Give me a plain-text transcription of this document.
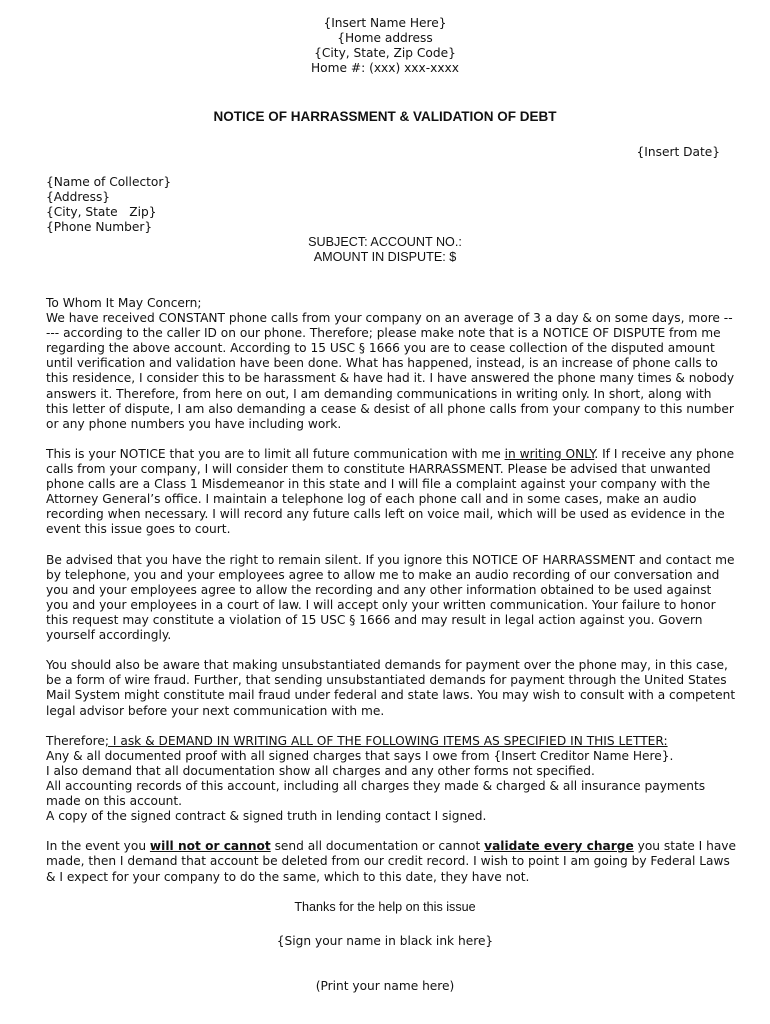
{Insert Name Here}
{Home address
{City, State, Zip Code}
Home #: (xxx) xxx-xxxx
NOTICE OF HARRASSMENT & VALIDATION OF DEBT
{Insert Date}
{Name of Collector}
{Address}
{City, State   Zip}
{Phone Number}
SUBJECT: ACCOUNT NO.:
AMOUNT IN DISPUTE: $

To Whom It May Concern;
We have received CONSTANT phone calls from your company on an average of 3 a day & on some days, more ----- according to the caller ID on our phone. Therefore; please make note that is a NOTICE OF DISPUTE from me regarding the above account. According to 15 USC § 1666 you are to cease collection of the disputed amount until verification and validation have been done. What has happened, instead, is an increase of phone calls to this residence, I consider this to be harassment & have had it. I have answered the phone many times & nobody answers it. Therefore, from here on out, I am demanding communications in writing only. In short, along with this letter of dispute, I am also demanding a cease & desist of all phone calls from your company to this number or any phone numbers you have including work.

This is your NOTICE that you are to limit all future communication with me in writing ONLY. If I receive any phone calls from your company, I will consider them to constitute HARRASSMENT. Please be advised that unwanted phone calls are a Class 1 Misdemeanor in this state and I will file a complaint against your company with the Attorney General’s office. I maintain a telephone log of each phone call and in some cases, make an audio recording when necessary. I will record any future calls left on voice mail, which will be used as evidence in the event this issue goes to court.

Be advised that you have the right to remain silent. If you ignore this NOTICE OF HARRASSMENT and contact me by telephone, you and your employees agree to allow me to make an audio recording of our conversation and you and your employees agree to allow the recording and any other information obtained to be used against you and your employees in a court of law. I will accept only your written communication. Your failure to honor this request may constitute a violation of 15 USC § 1666 and may result in legal action against you. Govern yourself accordingly.

You should also be aware that making unsubstantiated demands for payment over the phone may, in this case, be a form of wire fraud. Further, that sending unsubstantiated demands for payment through the United States Mail System might constitute mail fraud under federal and state laws. You may wish to consult with a competent legal advisor before your next communication with me.

Therefore; I ask & DEMAND IN WRITING ALL OF THE FOLLOWING ITEMS AS SPECIFIED IN THIS LETTER:
Any & all documented proof with all signed charges that says I owe from {Insert Creditor Name Here}.
I also demand that all documentation show all charges and any other forms not specified.
All accounting records of this account, including all charges they made & charged & all insurance payments made on this account.
A copy of the signed contract & signed truth in lending contact I signed.

In the event you will not or cannot send all documentation or cannot validate every charge you state I have made, then I demand that account be deleted from our credit record. I wish to point I am going by Federal Laws & I expect for your company to do the same, which to this date, they have not.

Thanks for the help on this issue
{Sign your name in black ink here}
(Print your name here)
